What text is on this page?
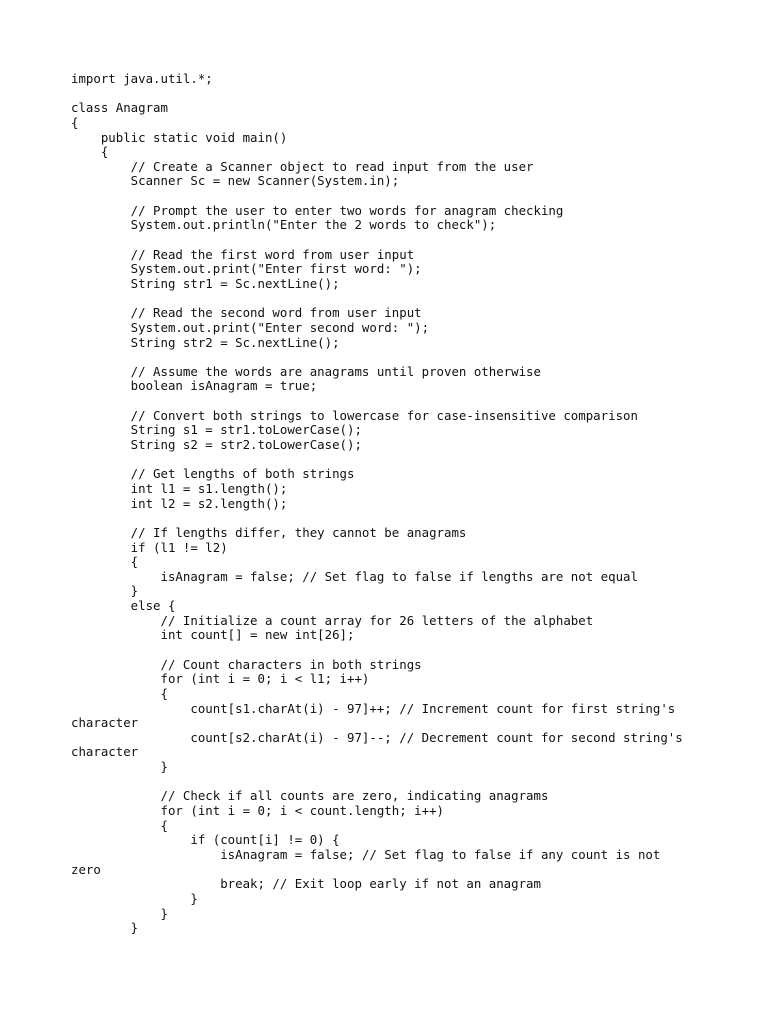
import java.util.*;
class Anagram
{
public static void main()
{
// Create a Scanner object to read input from the user
Scanner Sc = new Scanner(System.in);
// Prompt the user to enter two words for anagram checking
System.out.println("Enter the 2 words to check");
// Read the first word from user input
System.out.print("Enter first word: ");
String str1 = Sc.nextLine();
// Read the second word from user input
System.out.print("Enter second word: ");
String str2 = Sc.nextLine();
// Assume the words are anagrams until proven otherwise
boolean isAnagram = true;
// Convert both strings to lowercase for case-insensitive comparison
String s1 = str1.toLowerCase();
String s2 = str2.toLowerCase();
// Get lengths of both strings
int l1 = s1.length();
int l2 = s2.length();
// If lengths differ, they cannot be anagrams
if (l1 != l2)
{
isAnagram = false; // Set flag to false if lengths are not equal
}
else {
// Initialize a count array for 26 letters of the alphabet
int count[] = new int[26];
// Count characters in both strings
for (int i = 0; i < l1; i++)
{
count[s1.charAt(i) - 97]++; // Increment count for first string's
character
count[s2.charAt(i) - 97]--; // Decrement count for second string's
character
}
// Check if all counts are zero, indicating anagrams
for (int i = 0; i < count.length; i++)
{
if (count[i] != 0) {
isAnagram = false; // Set flag to false if any count is not
zero
break; // Exit loop early if not an anagram
}
}
}
